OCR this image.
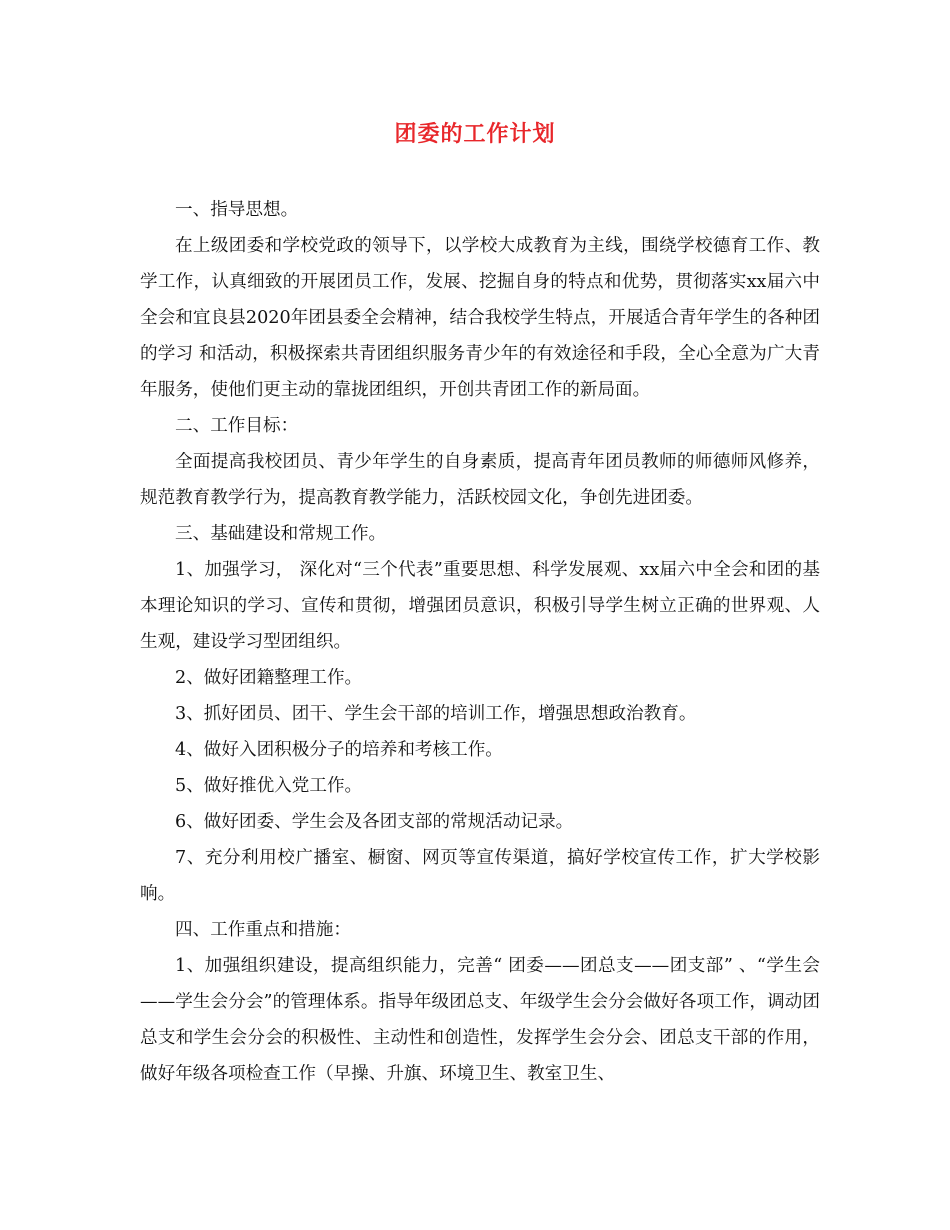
团委的工作计划

一、指导思想。

在上级团委和学校党政的领导下，以学校大成教育为主线，围绕学校德育工作、教学工作，认真细致的开展团员工作，发展、挖掘自身的特点和优势，贯彻落实xx届六中全会和宜良县2020年团县委全会精神，结合我校学生特点，开展适合青年学生的各种团的学习 和活动，积极探索共青团组织服务青少年的有效途径和手段，全心全意为广大青年服务，使他们更主动的靠拢团组织，开创共青团工作的新局面。

二、工作目标：

全面提高我校团员、青少年学生的自身素质，提高青年团员教师的师德师风修养， 规范教育教学行为，提高教育教学能力，活跃校园文化，争创先进团委。

三、基础建设和常规工作。

1、加强学习， 深化对“三个代表”重要思想、科学发展观、xx届六中全会和团的基本理论知识的学习、宣传和贯彻，增强团员意识，积极引导学生树立正确的世界观、人生观，建设学习型团组织。

2、做好团籍整理工作。

3、抓好团员、团干、学生会干部的培训工作，增强思想政治教育。

4、做好入团积极分子的培养和考核工作。

5、做好推优入党工作。

6、做好团委、学生会及各团支部的常规活动记录。

7、充分利用校广播室、橱窗、网页等宣传渠道，搞好学校宣传工作，扩大学校影响。

四、工作重点和措施：

1、加强组织建设，提高组织能力，完善“ 团委——团总支——团支部” 、“学生会——学生会分会”的管理体系。指导年级团总支、年级学生会分会做好各项工作，调动团总支和学生会分会的积极性、主动性和创造性，发挥学生会分会、团总支干部的作用，做好年级各项检查工作（早操、升旗、环境卫生、教室卫生、
